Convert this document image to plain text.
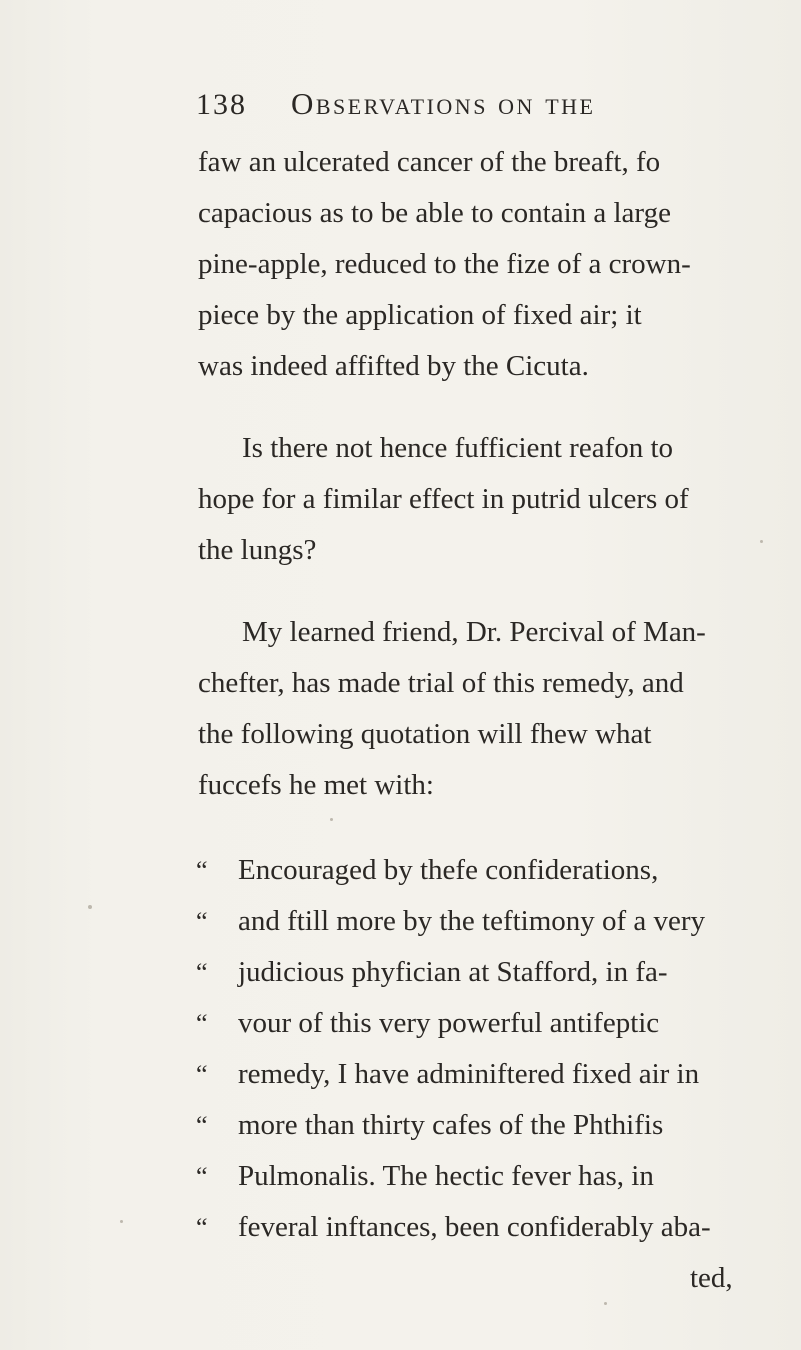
138 Observations on the
faw an ulcerated cancer of the breaft, fo
capacious as to be able to contain a large
pine-apple, reduced to the fize of a crown-
piece by the application of fixed air; it
was indeed affifted by the Cicuta.
Is there not hence fufficient reafon to
hope for a fimilar effect in putrid ulcers of
the lungs?
My learned friend, Dr. Percival of Man-
chefter, has made trial of this remedy, and
the following quotation will fhew what
fuccefs he met with:
“ Encouraged by thefe confiderations,
“ and ftill more by the teftimony of a very
“ judicious phyfician at Stafford, in fa-
“ vour of this very powerful antifeptic
“ remedy, I have adminiftered fixed air in
“ more than thirty cafes of the Phthifis
“ Pulmonalis. The hectic fever has, in
“ feveral inftances, been confiderably aba-
ted,
